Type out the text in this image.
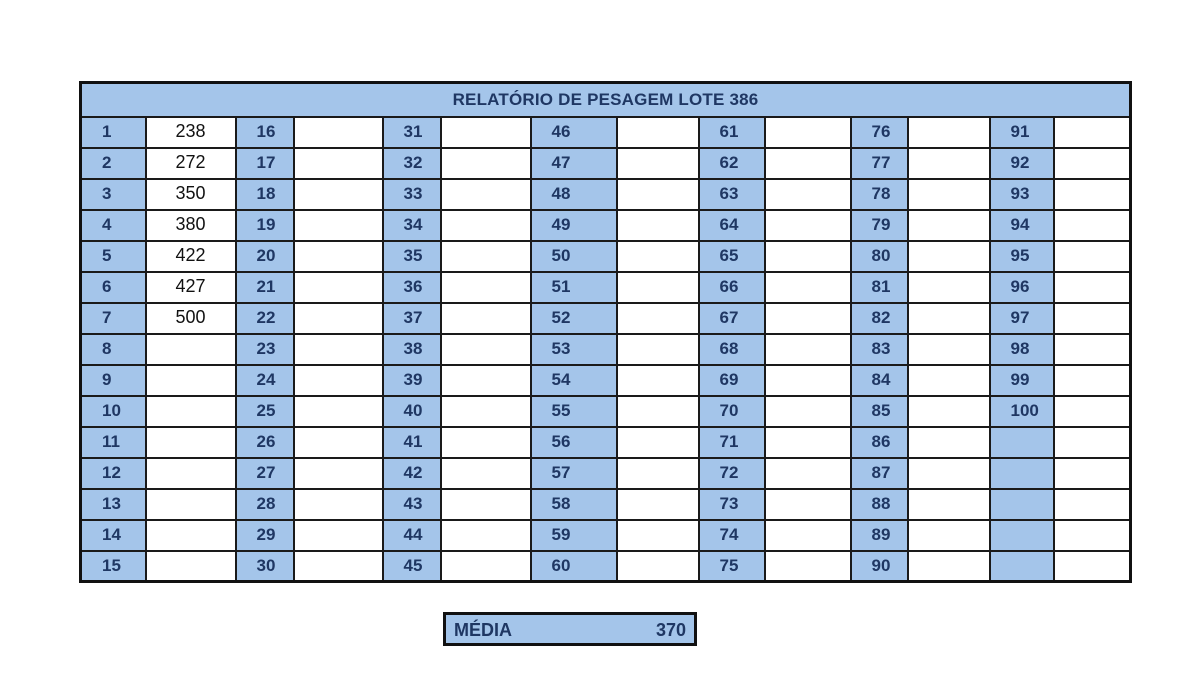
RELATÓRIO DE PESAGEM LOTE 386													
1	238	16		31		46		61		76		91	
2	272	17		32		47		62		77		92	
3	350	18		33		48		63		78		93	
4	380	19		34		49		64		79		94	
5	422	20		35		50		65		80		95	
6	427	21		36		51		66		81		96	
7	500	22		37		52		67		82		97	
8		23		38		53		68		83		98	
9		24		39		54		69		84		99	
10		25		40		55		70		85		100	
11		26		41		56		71		86			
12		27		42		57		72		87			
13		28		43		58		73		88			
14		29		44		59		74		89			
15		30		45		60		75		90			
MÉDIA	370
